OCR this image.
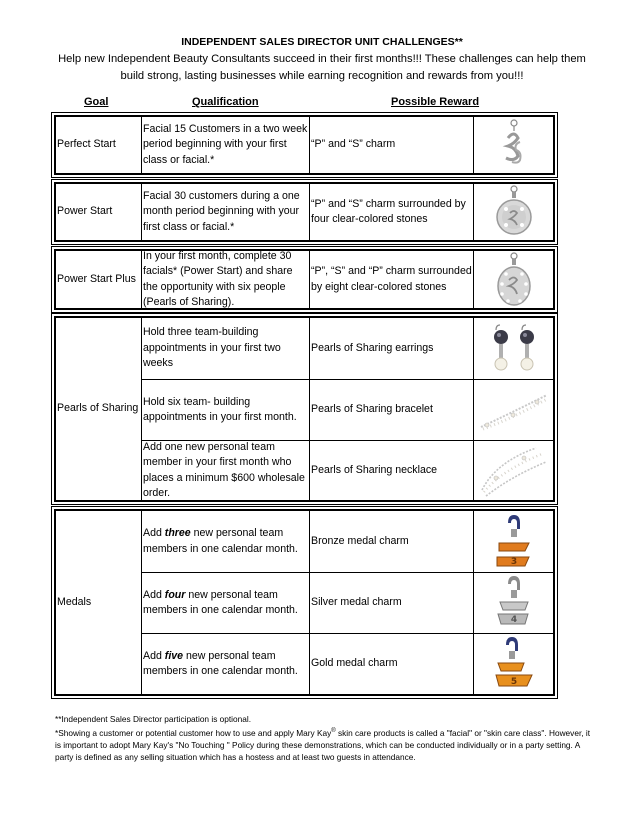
INDEPENDENT SALES DIRECTOR UNIT CHALLENGES**
Help new Independent Beauty Consultants succeed in their first months!!! These challenges can help them build strong, lasting businesses while earning recognition and rewards from you!!!
Goal	Qualification	Possible Reward
Perfect Start
Facial 15 Customers in a two week period beginning with your first class or facial.*
“P” and “S” charm
Power Start
Facial 30 customers during a one month period beginning with your first class or facial.*
“P” and “S” charm surrounded by four clear-colored stones
Power Start Plus
In your first month, complete 30 facials* (Power Start) and share the opportunity with six people (Pearls of Sharing).
“P”, “S” and “P” charm surrounded by eight clear-colored stones
Pearls of Sharing
Hold three team-building appointments in your first two weeks
Pearls of Sharing earrings
Hold six team- building appointments in your first month.
Pearls of Sharing bracelet
Add one new personal team member in your first month who places a minimum $600 wholesale order.
Pearls of Sharing necklace
Medals
Add three new personal team members in one calendar month.
Bronze medal charm
3
Add four new personal team members in one calendar month.
Silver medal charm
4
Add five new personal team members in one calendar month.
Gold medal charm
5

**Independent Sales Director participation is optional.

*Showing a customer or potential customer how to use and apply Mary Kay® skin care products is called a "facial" or "skin care class". However, it is important to adopt Mary Kay's "No Touching " Policy during these demonstrations, which can be conducted individually or in a party setting. A party is defined as any selling situation which has a hostess and at least two guests in attendance.
